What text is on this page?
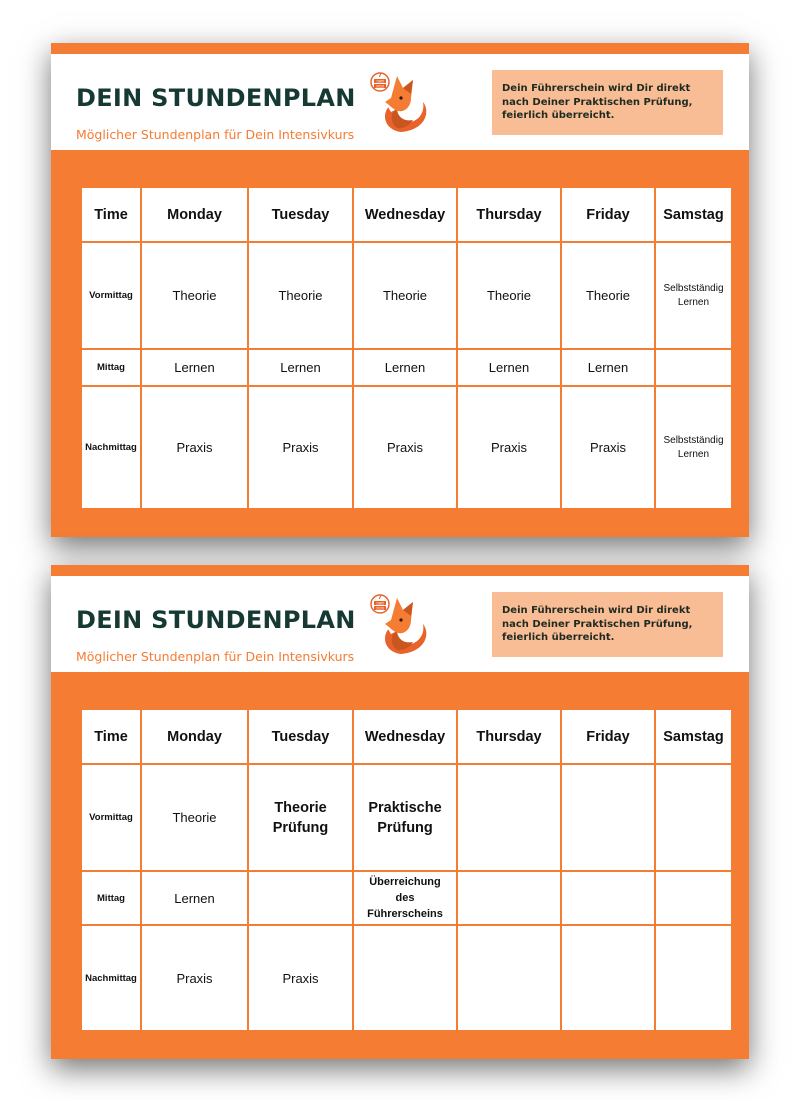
DEIN STUNDENPLAN
Möglicher Stundenplan für Dein Intensivkurs
7
1985
2020	Dein Führerschein wird Dir direkt nach Deiner Praktischen Prüfung, feierlich überreicht.
Time	Monday	Tuesday	Wednesday	Thursday	Friday	Samstag
Vormittag	Theorie	Theorie	Theorie	Theorie	Theorie	Selbstständig Lernen
Mittag	Lernen	Lernen	Lernen	Lernen	Lernen	
Nachmittag	Praxis	Praxis	Praxis	Praxis	Praxis	Selbstständig Lernen
DEIN STUNDENPLAN
Möglicher Stundenplan für Dein Intensivkurs
7
1985
2020	Dein Führerschein wird Dir direkt nach Deiner Praktischen Prüfung, feierlich überreicht.
Time	Monday	Tuesday	Wednesday	Thursday	Friday	Samstag
Vormittag	Theorie	Theorie Prüfung	Praktische Prüfung			
Mittag	Lernen		Überreichung des Führerscheins			
Nachmittag	Praxis	Praxis				
